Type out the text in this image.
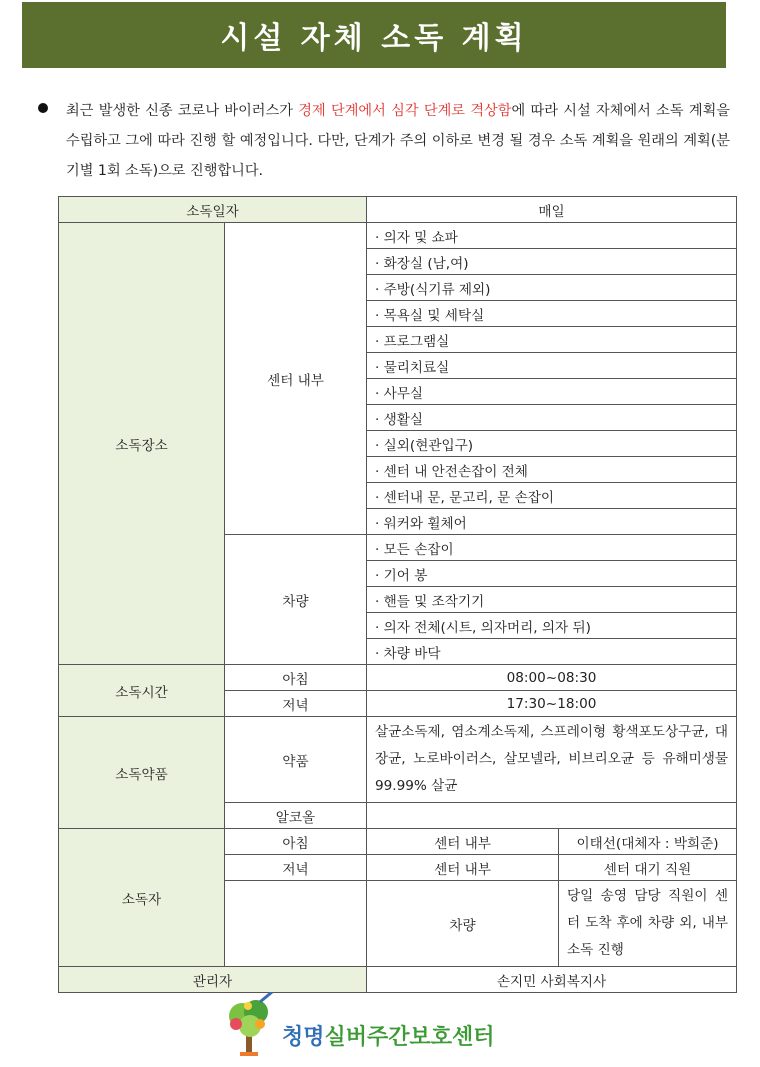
시설 자체 소독 계획

최근 발생한 신종 코로나 바이러스가 경제 단계에서 심각 단계로 격상함에 따라 시설 자체에서 소독 계획을 수립하고 그에 따라 진행 할 예정입니다. 다만, 단계가 주의 이하로 변경 될 경우 소독 계획을 원래의 계획(분기별 1회 소독)으로 진행합니다.

소독일자		매일	
소독장소	센터 내부	· 의자 및 쇼파	
		· 화장실 (남,여)	
		· 주방(식기류 제외)	
		· 목욕실 및 세탁실	
		· 프로그램실	
		· 물리치료실	
		· 사무실	
		· 생활실	
		· 실외(현관입구)	
		· 센터 내 안전손잡이 전체	
		· 센터내 문, 문고리, 문 손잡이	
		· 워커와 휠체어	
	차량	· 모든 손잡이	
		· 기어 봉	
		· 핸들 및 조작기기	
		· 의자 전체(시트, 의자머리, 의자 뒤)	
		· 차량 바닥	
소독시간	아침	08:00~08:30	
	저녁	17:30~18:00	
소독약품	약품	살균소독제, 염소계소독제, 스프레이형 황색포도상구균, 대장균, 노로바이러스, 살모넬라, 비브리오균 등 유해미생물 99.99% 살균	
	알코올		
소독자	아침	센터 내부	이태선(대체자 : 박희준)
	저녁	센터 내부	센터 대기 직원
		차량	당일 송영 담당 직원이 센터 도착 후에 차량 외, 내부 소독 진행
관리자		손지민 사회복지사	
청명실버주간보호센터
